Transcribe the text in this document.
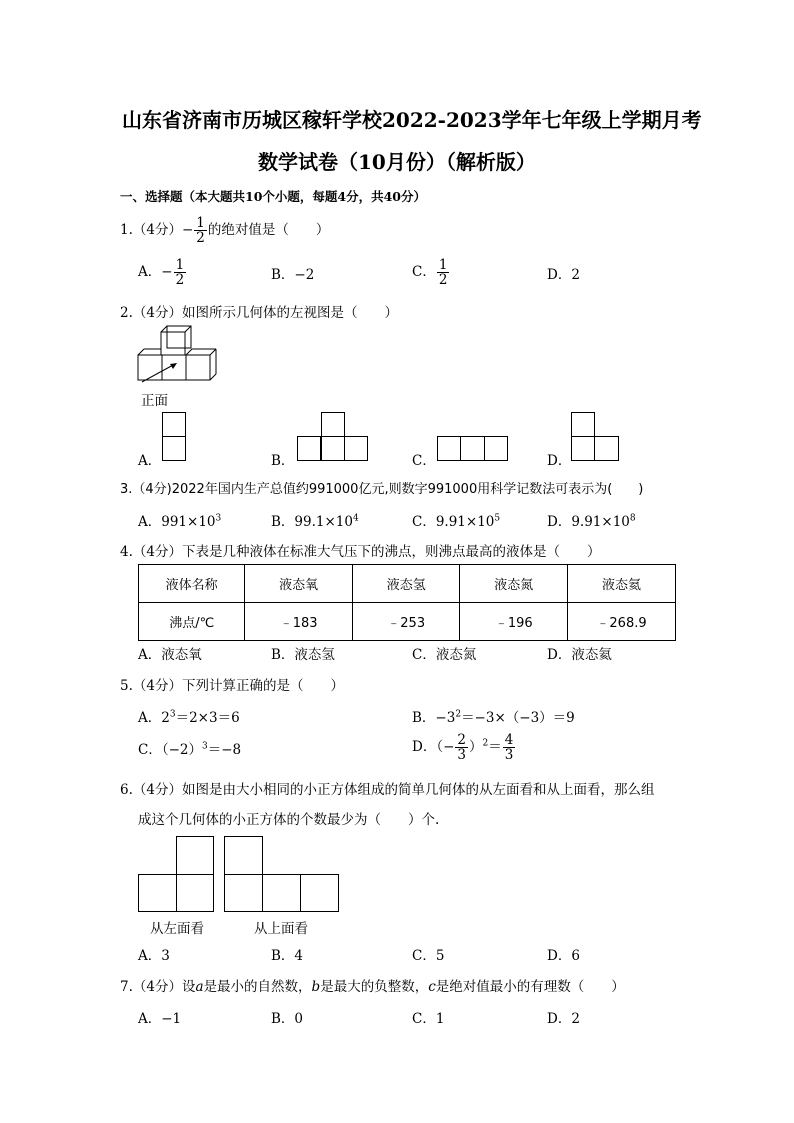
山东省济南市历城区稼轩学校2022-2023学年七年级上学期月考
数学试卷（10月份）（解析版）
一、选择题（本大题共10个小题，每题4分，共40分）
1.（4分）− $\frac{1}{2}$ 的绝对值是（　　）
A．− $\frac{1}{2}$	B．−2	C． $\frac{1}{2}$	D．2
2.（4分）如图所示几何体的左视图是（　　）
正面
A．	B．	C．	D．
3.（4分)2022年国内生产总值约991000亿元,则数字991000用科学记数法可表示为(　　)
A．$991\times 10^3$	B．$99.1\times 10^4$	C．$9.91\times 10^5$	D．$9.91\times 10^8$
4.（4分）下表是几种液体在标准大气压下的沸点，则沸点最高的液体是（　　）
液体名称	液态氧	液态氢	液态氮	液态氦
沸点/℃	﹣183	﹣253	﹣196	﹣268.9
A．液态氧	B．液态氢	C．液态氮	D．液态氦
5.（4分）下列计算正确的是（　　）
A．$2^3=2\times 3=6$	B．$-3^2=-3\times(-3)=9$
C．$(-2)^3=-8$	D．（− $\frac{2}{3} )^2= \frac{4}{3}$
6.（4分）如图是由大小相同的小正方体组成的简单几何体的从左面看和从上面看，那么组
成这个几何体的小正方体的个数最少为（　　）个.
从左面看	从上面看
A．3	B．4	C．5	D．6
7.（4分）设a是最小的自然数，b是最大的负整数，c是绝对值最小的有理数（　　）
A．−1	B．0	C．1	D．2
